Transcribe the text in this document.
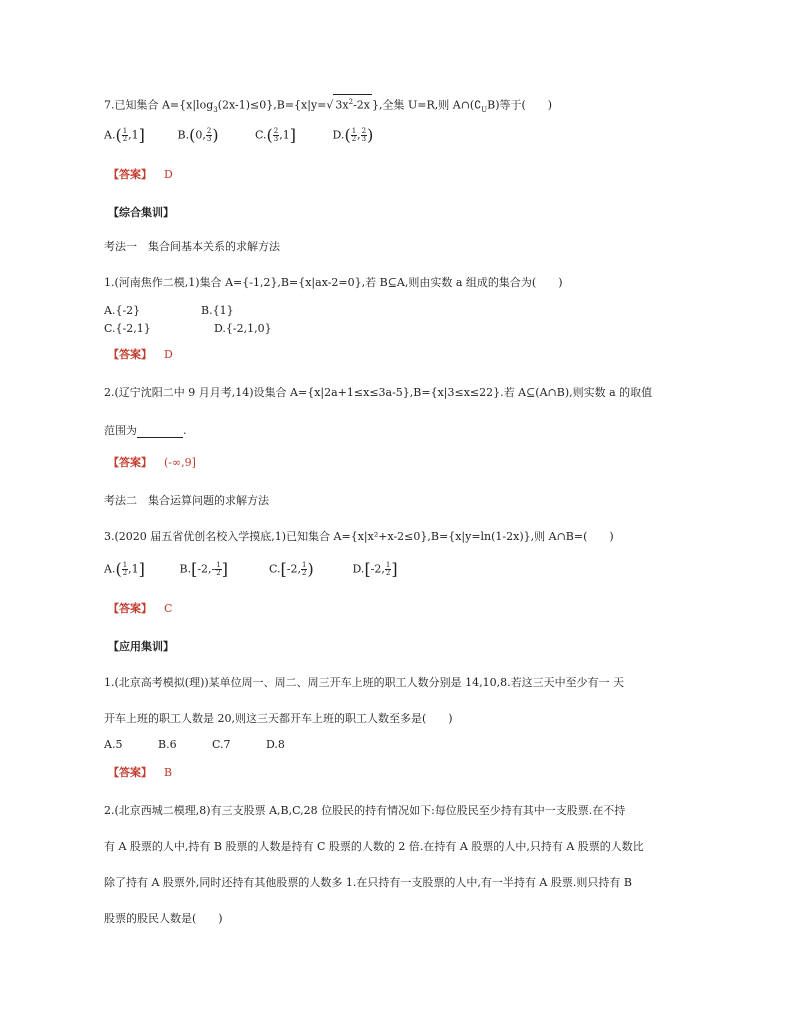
7.已知集合 $A=\{x|\log_3(2x-1)\le 0\},B=\{x|y=√$ $3x^2-2x$ },全集 U=R,则 $A\cap(∁_UB)$等于(　　)
$A.( \frac{1}{2} ,1]$	B.(0, $\frac{2}{3}$ )	$C.( \frac{2}{3} ,1]$	$D.( \frac{1}{2}$ , $\frac{2}{3}$ )
【答案】 D
【综合集训】
考法一　集合间基本关系的求解方法
1.(河南焦作二模,1)集合 A={-1,2},B={x|ax-2=0},若 B⊆A,则由实数 a 组成的集合为(　　)
A.{-2}	B.{1}
C.{-2,1}	D.{-2,1,0}
【答案】 D
2.(辽宁沈阳二中 9 月月考,14)设集合 A={x|2a+1≤x≤3a-5},B={x|3≤x≤22}.若 A⊆(A∩B),则实数 a 的取值
范围为	.
【答案】 (-∞,9]
考法二　集合运算问题的求解方法
3.(2020 届五省优创名校入学摸底,1)已知集合 A={x|x²+x-2≤0},B={x|y=ln(1-2x)},则 A∩B=(　　)
$A.( \frac{1}{2} ,1]$	$B.[-2,- \frac{1}{2}$ ]	C.[-2, $\frac{1}{2}$ )	D.[-2, $\frac{1}{2}$ ]
【答案】 C
【应用集训】
1.(北京高考模拟(理))某单位周一、周二、周三开车上班的职工人数分别是 14,10,8.若这三天中至少有一 天
开车上班的职工人数是 20,则这三天都开车上班的职工人数至多是(　　)
A.5	B.6	C.7	D.8
【答案】 B
2.(北京西城二模理,8)有三支股票 A,B,C,28 位股民的持有情况如下:每位股民至少持有其中一支股票.在不持
有 A 股票的人中,持有 B 股票的人数是持有 C 股票的人数的 2 倍.在持有 A 股票的人中,只持有 A 股票的人数比
除了持有 A 股票外,同时还持有其他股票的人数多 1.在只持有一支股票的人中,有一半持有 A 股票.则只持有 B
股票的股民人数是(　　)
